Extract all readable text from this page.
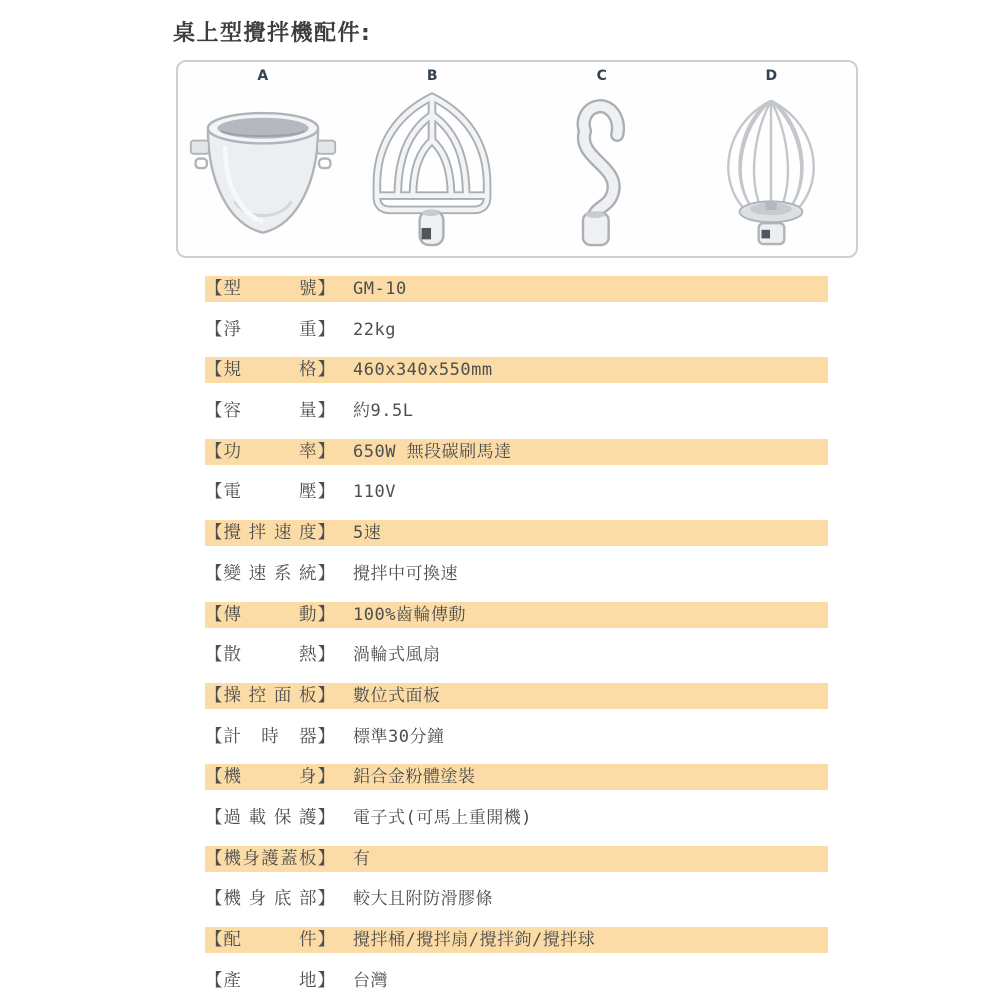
桌上型攪拌機配件:
A	B	C	D
【 型	號 】 GM-10
【 淨	重 】 22kg
【 規	格 】 460x340x550mm
【 容	量 】 約9.5L
【 功	率 】 650W 無段碳刷馬達
【 電	壓 】 110V
【 攪 拌 速 度 】 5速
【 變 速 系 統 】 攪拌中可換速
【 傳	動 】 100%齒輪傳動
【 散	熱 】 渦輪式風扇
【 操 控 面 板 】 數位式面板
【 計 時 器 】 標準30分鐘
【 機	身 】 鋁合金粉體塗裝
【 過 載 保 護 】 電子式(可馬上重開機)
【 機 身 護 蓋 板 】 有
【 機 身 底 部 】 較大且附防滑膠條
【 配	件 】 攪拌桶/攪拌扇/攪拌鉤/攪拌球
【 產	地 】 台灣
